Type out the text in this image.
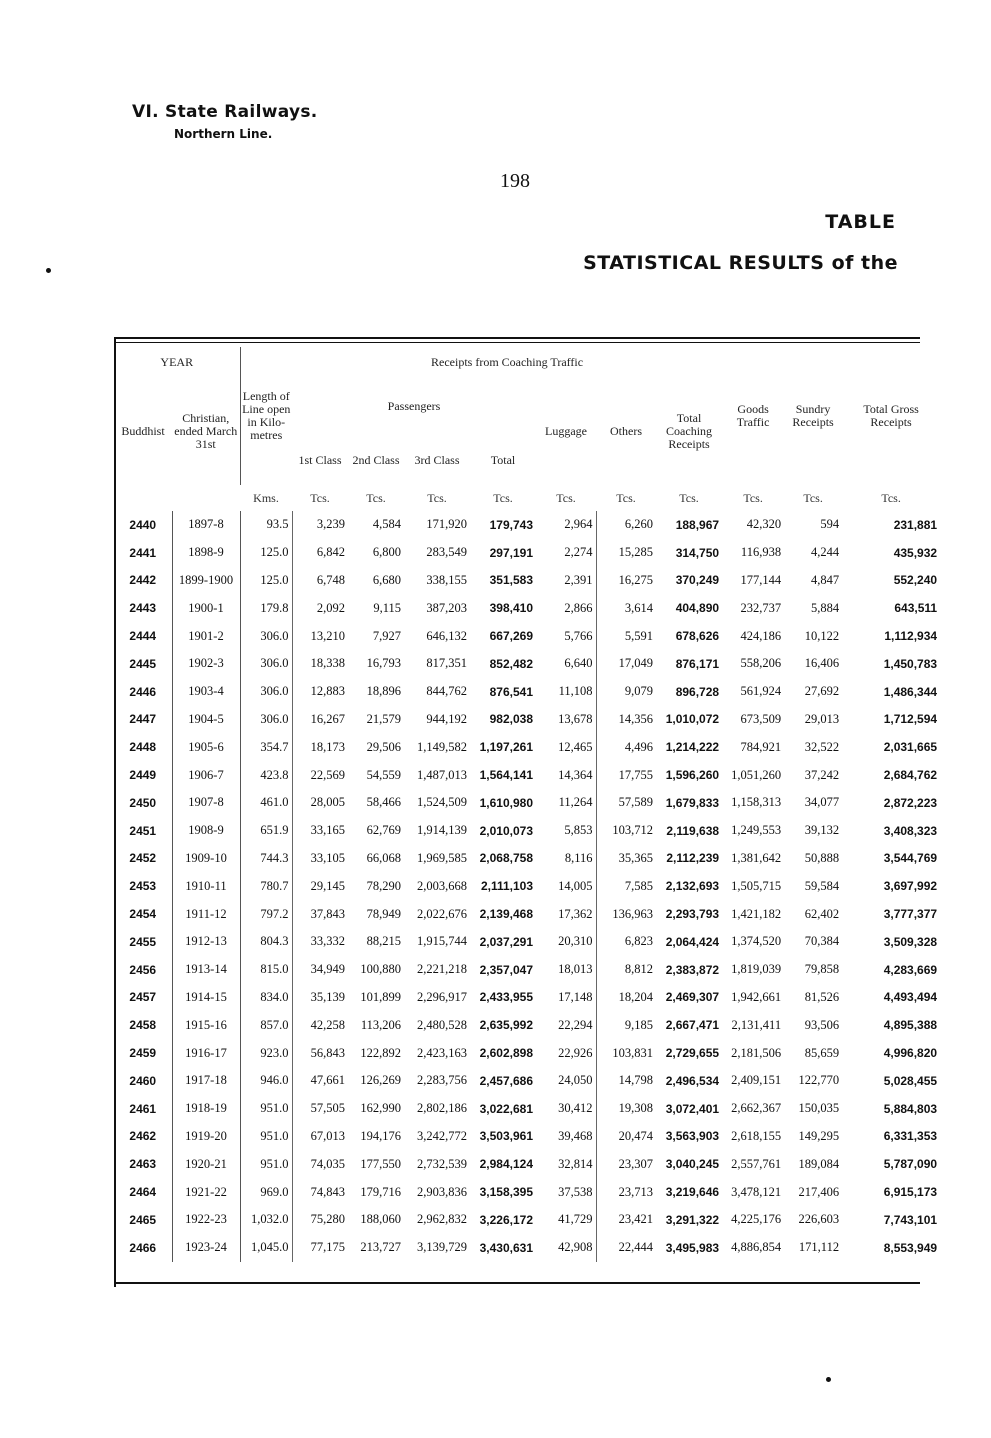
VI. State Railways.
Northern Line.
198
TABLE
STATISTICAL RESULTS of the
YEAR		Length of Line open in Kilo-metres	Receipts from Coaching Traffic							Goods Traffic	Sundry Receipts	Total Gross Receipts
Buddhist	Christian, ended March 31st		Passengers				Luggage	Others	Total Coaching Receipts			
			1st Class	2nd Class	3rd Class	Total						
		Kms.	Tcs.	Tcs.	Tcs.	Tcs.	Tcs.	Tcs.	Tcs.	Tcs.	Tcs.	Tcs.
2440	1897-8	93.5	3,239	4,584	171,920	179,743	2,964	6,260	188,967	42,320	594	231,881
2441	1898-9	125.0	6,842	6,800	283,549	297,191	2,274	15,285	314,750	116,938	4,244	435,932
2442	1899-1900	125.0	6,748	6,680	338,155	351,583	2,391	16,275	370,249	177,144	4,847	552,240
2443	1900-1	179.8	2,092	9,115	387,203	398,410	2,866	3,614	404,890	232,737	5,884	643,511
2444	1901-2	306.0	13,210	7,927	646,132	667,269	5,766	5,591	678,626	424,186	10,122	1,112,934
2445	1902-3	306.0	18,338	16,793	817,351	852,482	6,640	17,049	876,171	558,206	16,406	1,450,783
2446	1903-4	306.0	12,883	18,896	844,762	876,541	11,108	9,079	896,728	561,924	27,692	1,486,344
2447	1904-5	306.0	16,267	21,579	944,192	982,038	13,678	14,356	1,010,072	673,509	29,013	1,712,594
2448	1905-6	354.7	18,173	29,506	1,149,582	1,197,261	12,465	4,496	1,214,222	784,921	32,522	2,031,665
2449	1906-7	423.8	22,569	54,559	1,487,013	1,564,141	14,364	17,755	1,596,260	1,051,260	37,242	2,684,762
2450	1907-8	461.0	28,005	58,466	1,524,509	1,610,980	11,264	57,589	1,679,833	1,158,313	34,077	2,872,223
2451	1908-9	651.9	33,165	62,769	1,914,139	2,010,073	5,853	103,712	2,119,638	1,249,553	39,132	3,408,323
2452	1909-10	744.3	33,105	66,068	1,969,585	2,068,758	8,116	35,365	2,112,239	1,381,642	50,888	3,544,769
2453	1910-11	780.7	29,145	78,290	2,003,668	2,111,103	14,005	7,585	2,132,693	1,505,715	59,584	3,697,992
2454	1911-12	797.2	37,843	78,949	2,022,676	2,139,468	17,362	136,963	2,293,793	1,421,182	62,402	3,777,377
2455	1912-13	804.3	33,332	88,215	1,915,744	2,037,291	20,310	6,823	2,064,424	1,374,520	70,384	3,509,328
2456	1913-14	815.0	34,949	100,880	2,221,218	2,357,047	18,013	8,812	2,383,872	1,819,039	79,858	4,283,669
2457	1914-15	834.0	35,139	101,899	2,296,917	2,433,955	17,148	18,204	2,469,307	1,942,661	81,526	4,493,494
2458	1915-16	857.0	42,258	113,206	2,480,528	2,635,992	22,294	9,185	2,667,471	2,131,411	93,506	4,895,388
2459	1916-17	923.0	56,843	122,892	2,423,163	2,602,898	22,926	103,831	2,729,655	2,181,506	85,659	4,996,820
2460	1917-18	946.0	47,661	126,269	2,283,756	2,457,686	24,050	14,798	2,496,534	2,409,151	122,770	5,028,455
2461	1918-19	951.0	57,505	162,990	2,802,186	3,022,681	30,412	19,308	3,072,401	2,662,367	150,035	5,884,803
2462	1919-20	951.0	67,013	194,176	3,242,772	3,503,961	39,468	20,474	3,563,903	2,618,155	149,295	6,331,353
2463	1920-21	951.0	74,035	177,550	2,732,539	2,984,124	32,814	23,307	3,040,245	2,557,761	189,084	5,787,090
2464	1921-22	969.0	74,843	179,716	2,903,836	3,158,395	37,538	23,713	3,219,646	3,478,121	217,406	6,915,173
2465	1922-23	1,032.0	75,280	188,060	2,962,832	3,226,172	41,729	23,421	3,291,322	4,225,176	226,603	7,743,101
2466	1923-24	1,045.0	77,175	213,727	3,139,729	3,430,631	42,908	22,444	3,495,983	4,886,854	171,112	8,553,949
